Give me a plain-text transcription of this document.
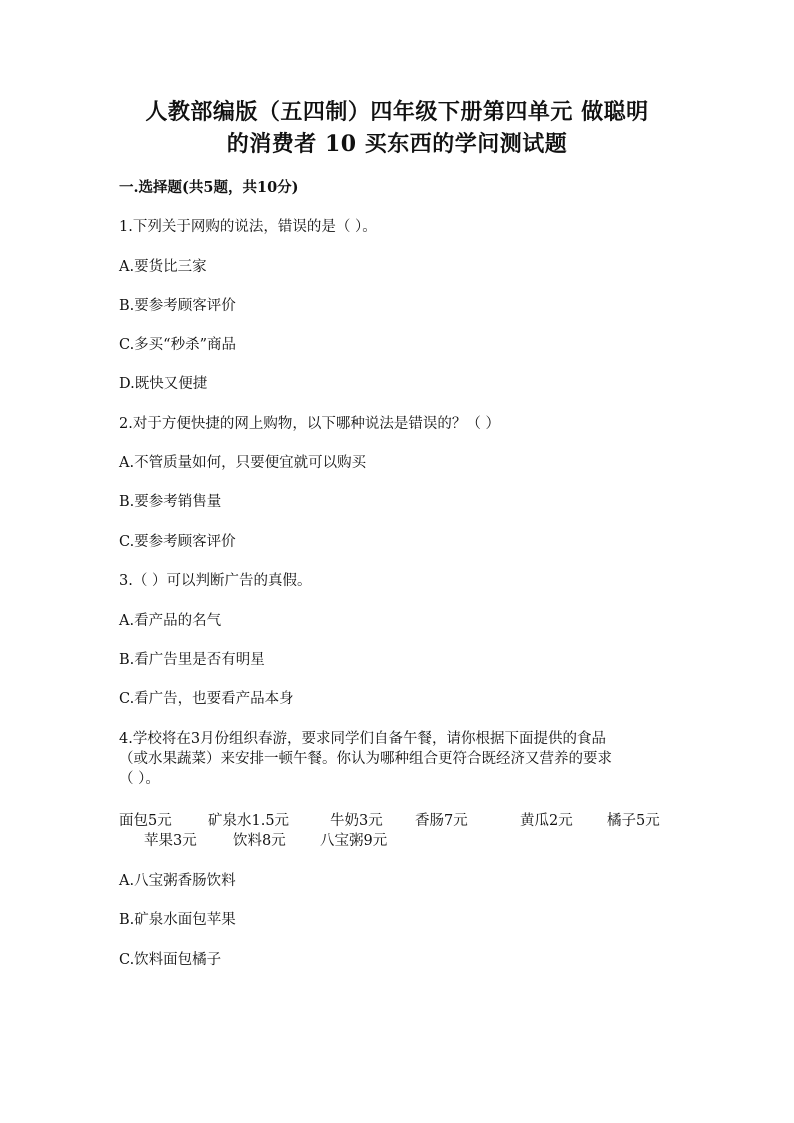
人教部编版（五四制）四年级下册第四单元 做聪明
的消费者 10 买东西的学问测试题
一.选择题(共5题，共10分)
1.下列关于网购的说法，错误的是（ ）。
A.要货比三家
B.要参考顾客评价
C.多买“秒杀”商品
D.既快又便捷
2.对于方便快捷的网上购物，以下哪种说法是错误的？（ ）
A.不管质量如何，只要便宜就可以购买
B.要参考销售量
C.要参考顾客评价
3.（ ）可以判断广告的真假。
A.看产品的名气
B.看广告里是否有明星
C.看广告，也要看产品本身
4.学校将在3月份组织春游，要求同学们自备午餐，请你根据下面提供的食品
（或水果蔬菜）来安排一顿午餐。你认为哪种组合更符合既经济又营养的要求
（ ）。
面包5元	矿泉水1.5元	牛奶3元 香肠7元	黄瓜2元 橘子5元
苹果3元	饮料8元 八宝粥9元
A.八宝粥香肠饮料
B.矿泉水面包苹果
C.饮料面包橘子
